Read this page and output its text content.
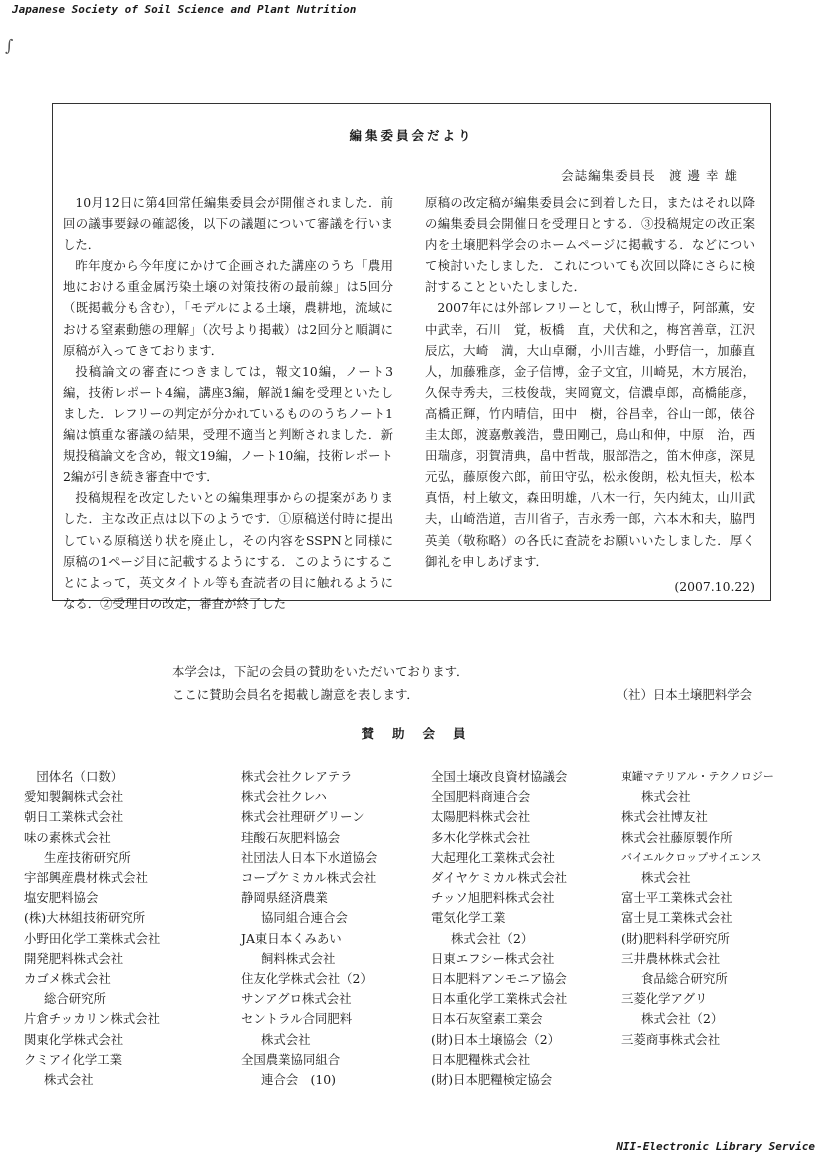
Japanese Society of Soil Science and Plant Nutrition
∫
編集委員会だより
会誌編集委員長　渡 邊 幸 雄

10月12日に第4回常任編集委員会が開催されました．前回の議事要録の確認後，以下の議題について審議を行いました．

昨年度から今年度にかけて企画された講座のうち「農用地における重金属汚染土壌の対策技術の最前線」は5回分（既掲載分も含む），「モデルによる土壌，農耕地，流域における窒素動態の理解」（次号より掲載）は2回分と順調に原稿が入ってきております．

投稿論文の審査につきましては，報文10編，ノート3編，技術レポート4編，講座3編，解説1編を受理といたしました．レフリーの判定が分かれているもののうちノート1編は慎重な審議の結果，受理不適当と判断されました．新規投稿論文を含め，報文19編，ノート10編，技術レポート2編が引き続き審査中です．

投稿規程を改定したいとの編集理事からの提案がありました．主な改正点は以下のようです．①原稿送付時に提出している原稿送り状を廃止し，その内容をSSPNと同様に原稿の1ページ目に記載するようにする．このようにすることによって，英文タイトル等も査読者の目に触れるようになる．②受理日の改定，審査が終了した

原稿の改定稿が編集委員会に到着した日，またはそれ以降の編集委員会開催日を受理日とする．③投稿規定の改正案内を土壌肥料学会のホームページに掲載する．などについて検討いたしました．これについても次回以降にさらに検討することといたしました．

2007年には外部レフリーとして，秋山博子，阿部薫，安中武幸，石川　覚，板橋　直，犬伏和之，梅宮善章，江沢辰広，大崎　満，大山卓爾，小川吉雄，小野信一，加藤直人，加藤雅彦，金子信博，金子文宜，川崎晃，木方展治，久保寺秀夫，三枝俊哉，実岡寛文，信濃卓郎，高橋能彦，高橋正輝，竹内晴信，田中　樹，谷昌幸，谷山一郎，俵谷圭太郎，渡嘉敷義浩，豊田剛己，鳥山和伸，中原　治，西田瑞彦，羽賀清典，畠中哲哉，服部浩之，笛木伸彦，深見元弘，藤原俊六郎，前田守弘，松永俊朗，松丸恒夫，松本真悟，村上敏文，森田明雄，八木一行，矢内純太，山川武夫，山崎浩道，吉川省子，吉永秀一郎，六本木和夫，脇門英美（敬称略）の各氏に査読をお願いいたしました．厚く御礼を申しあげます．

(2007.10.22)
本学会は，下記の会員の賛助をいただいております．
ここに賛助会員名を掲載し謝意を表します．	（社）日本土壌肥料学会
賛助会員
　団体名（口数）
愛知製鋼株式会社
朝日工業株式会社
味の素株式会社
生産技術研究所
宇部興産農材株式会社
塩安肥料協会
(株)大林組技術研究所
小野田化学工業株式会社
開発肥料株式会社
カゴメ株式会社
総合研究所
片倉チッカリン株式会社
関東化学株式会社
クミアイ化学工業
株式会社
株式会社クレアテラ
株式会社クレハ
株式会社理研グリーン
珪酸石灰肥料協会
社団法人日本下水道協会
コープケミカル株式会社
静岡県経済農業
協同組合連合会
JA東日本くみあい
飼料株式会社
住友化学株式会社（2）
サンアグロ株式会社
セントラル合同肥料
株式会社
全国農業協同組合
連合会　(10)
全国土壌改良資材協議会
全国肥料商連合会
太陽肥料株式会社
多木化学株式会社
大起理化工業株式会社
ダイヤケミカル株式会社
チッソ旭肥料株式会社
電気化学工業
株式会社（2）
日東エフシー株式会社
日本肥料アンモニア協会
日本重化学工業株式会社
日本石灰窒素工業会
(財)日本土壌協会（2）
日本肥糧株式会社
(財)日本肥糧検定協会
東罐マテリアル・テクノロジー
株式会社
株式会社博友社
株式会社藤原製作所
バイエルクロップサイエンス
株式会社
富士平工業株式会社
富士見工業株式会社
(財)肥料科学研究所
三井農林株式会社
食品総合研究所
三菱化学アグリ
株式会社（2）
三菱商事株式会社
NII-Electronic Library Service
